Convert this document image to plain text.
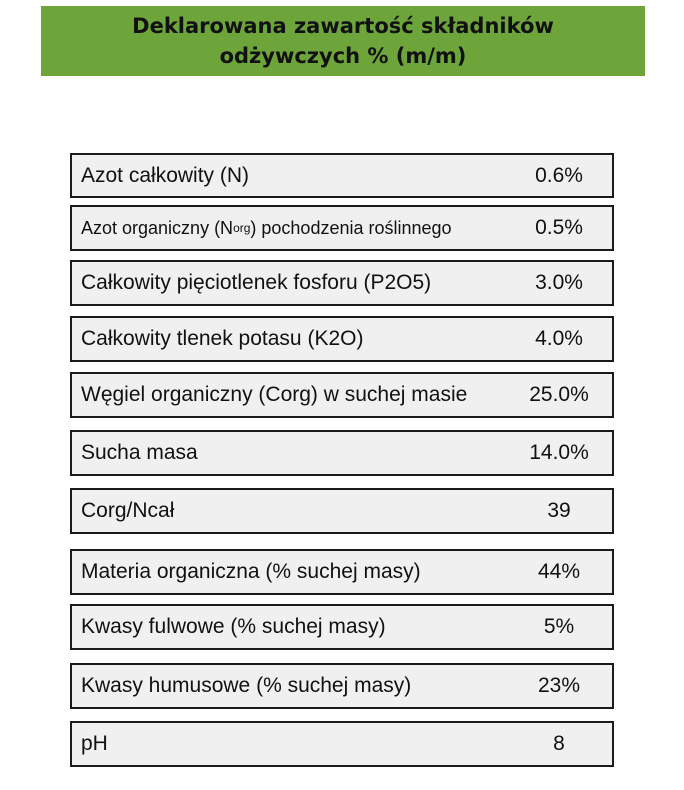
Deklarowana zawartość składników
odżywczych % (m/m)
Azot całkowity (N)	0.6%
Azot organiczny (N org ) pochodzenia roślinnego	0.5%
Całkowity pięciotlenek fosforu (P2O5)	3.0%
Całkowity tlenek potasu (K2O)	4.0%
Węgiel organiczny (Corg) w suchej masie	25.0%
Sucha masa	14.0%
Corg/Ncał	39
Materia organiczna (% suchej masy)	44%
Kwasy fulwowe (% suchej masy)	5%
Kwasy humusowe (% suchej masy)	23%
pH	8
